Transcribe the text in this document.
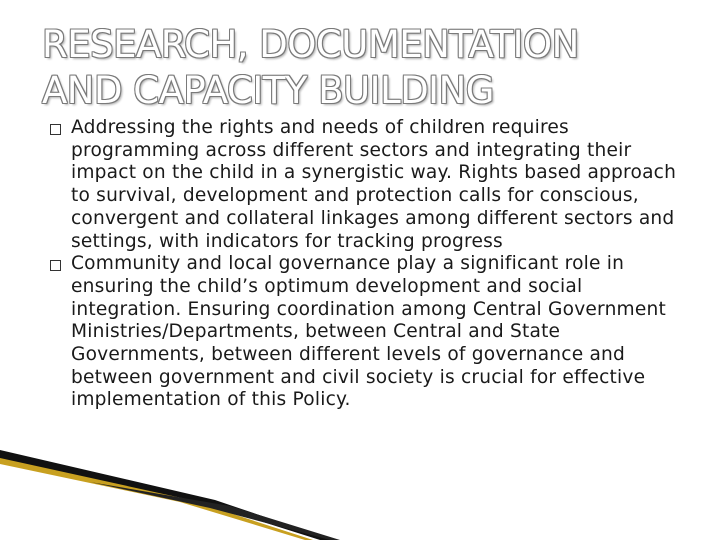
RESEARCH, DOCUMENTATION
AND CAPACITY BUILDING
Addressing the rights and needs of children requires programming across different sectors and integrating their impact on the child in a synergistic way. Rights based approach to survival, development and protection calls for conscious, convergent and collateral linkages among different sectors and settings, with indicators for tracking progress
Community and local governance play a significant role in ensuring the child’s optimum development and social integration. Ensuring coordination among Central Government Ministries/Departments, between Central and State Governments, between different levels of governance and between government and civil society is crucial for effective implementation of this Policy.
